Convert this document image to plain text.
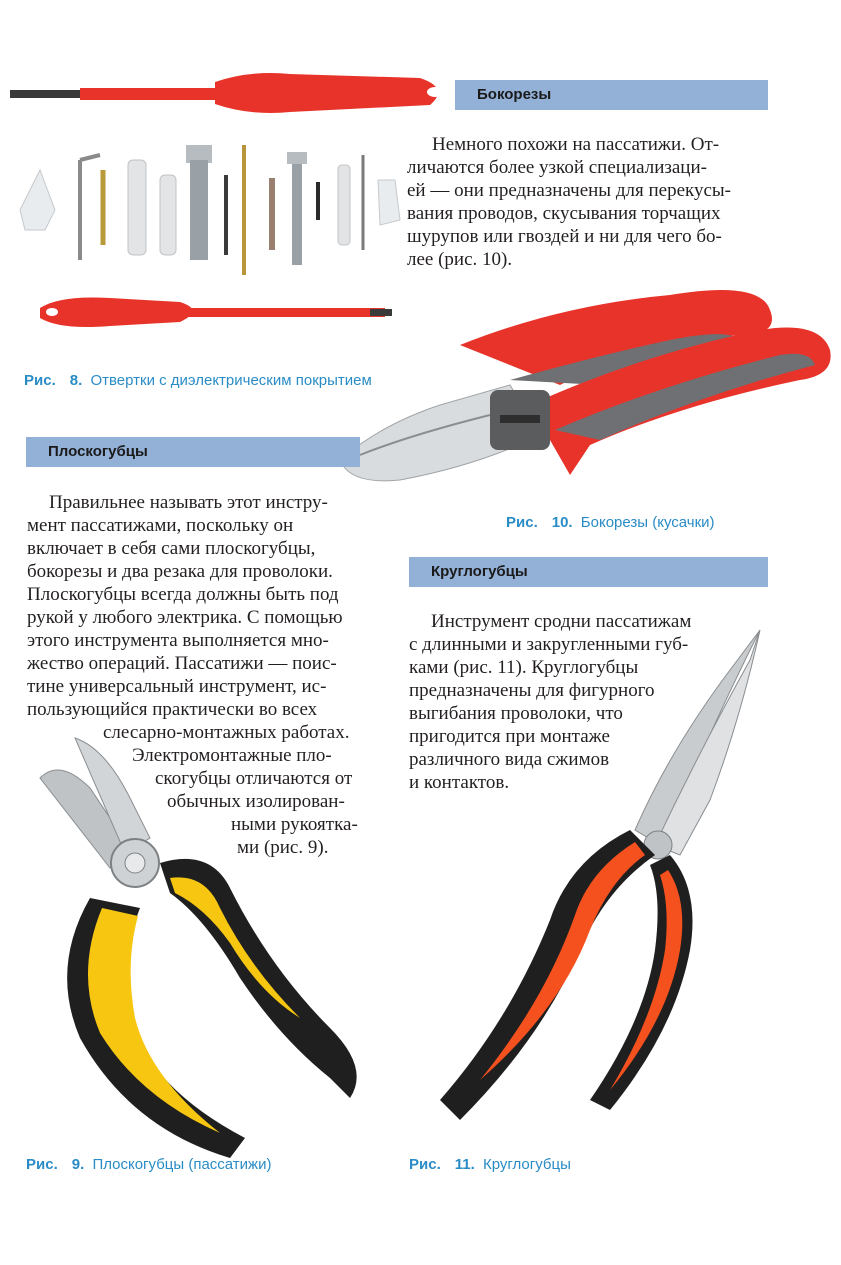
Рис. 8. Отвертки с диэлектрическим покрытием
Бокорезы
Немного похожи на пассатижи. От-
личаются более узкой специализаци-
ей — они предназначены для перекусы-
вания проводов, скусывания торчащих
шурупов или гвоздей и ни для чего бо-
лее (рис. 10).
Рис. 10. Бокорезы (кусачки)
Плоскогубцы
Правильнее называть этот инстру-
мент пассатижами, поскольку он
включает в себя сами плоскогубцы,
бокорезы и два резака для проволоки.
Плоскогубцы всегда должны быть под
рукой у любого электрика. С помощью
этого инструмента выполняется мно-
жество операций. Пассатижи — поис-
тине универсальный инструмент, ис-
пользующийся практически во всех
слесарно-монтажных работах.
Электромонтажные пло-
скогубцы отличаются от
обычных изолирован-
ными рукоятка-
ми (рис. 9).
Рис. 9. Плоскогубцы (пассатижи)
Круглогубцы
Инструмент сродни пассатижам
с длинными и закругленными губ-
ками (рис. 11). Круглогубцы
предназначены для фигурного
выгибания проволоки, что
пригодится при монтаже
различного вида сжимов
и контактов.
Рис. 11. Круглогубцы
